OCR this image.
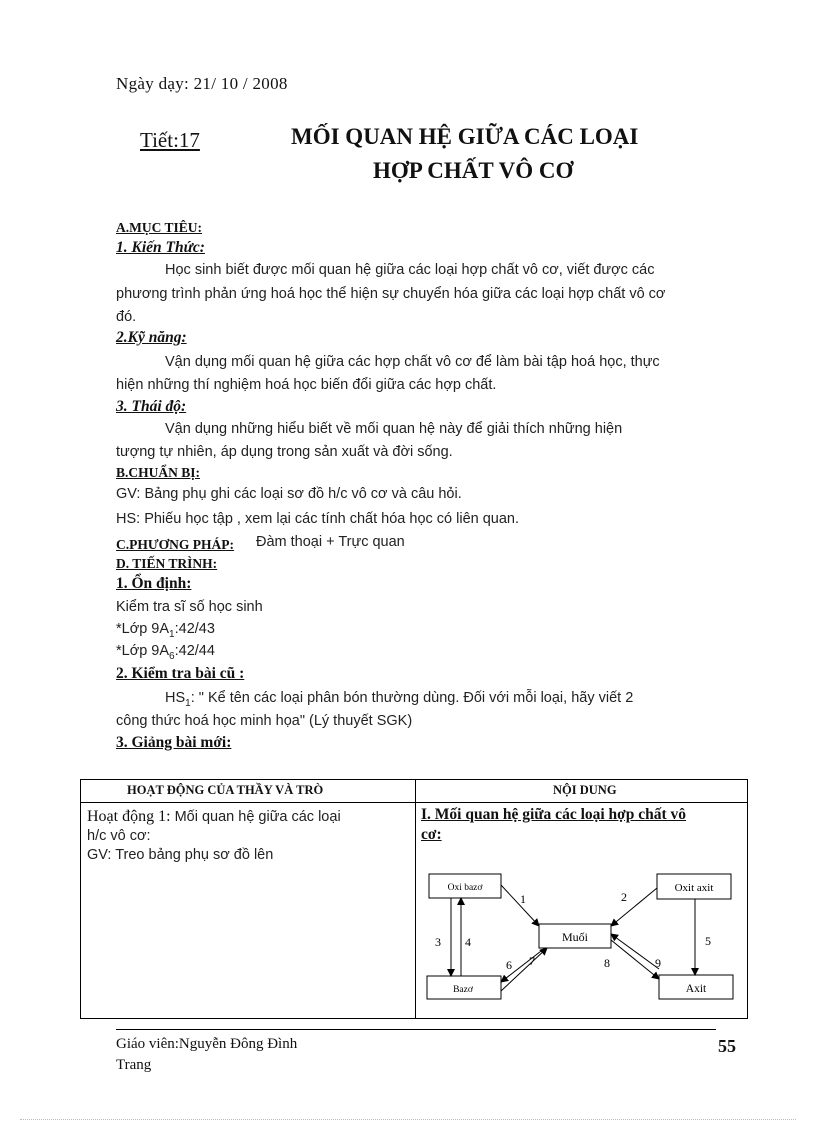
Ngày dạy: 21/ 10 / 2008
Tiết:17	MỐI QUAN HỆ GIỮA CÁC LOẠI
HỢP CHẤT VÔ CƠ
A.MỤC TIÊU:
1. Kiến Thức:
Học sinh biết được mối quan hệ giữa các loại hợp chất vô cơ, viết được các
phương trình phản ứng hoá học thể hiện sự chuyển hóa giữa các loại hợp chất vô cơ
đó.
2.Kỹ năng:
Vận dụng mối quan hệ giữa các hợp chất vô cơ để làm bài tập hoá học, thực
hiện những thí nghiệm hoá học biến đổi giữa các hợp chất.
3. Thái độ:
Vận dụng những hiểu biết về mối quan hệ này để giải thích những hiện
tượng tự nhiên, áp dụng trong sản xuất và đời sống.
B.CHUẨN BỊ:
GV: Bảng phụ ghi các loại sơ đồ h/c vô cơ và câu hỏi.
HS: Phiếu học tập , xem lại các tính chất hóa học có liên quan.
C.PHƯƠNG PHÁP: Đàm thoại + Trực quan
D. TIẾN TRÌNH:
1. Ổn định:
Kiểm tra sĩ số học sinh
*Lớp $9A_1:42/43$
*Lớp $9A_6:42/44$
2. Kiểm tra bài cũ :
$HS_1$: " Kể tên các loại phân bón thường dùng. Đối với mỗi loại, hãy viết 2
công thức hoá học minh họa" (Lý thuyết SGK)
3. Giảng bài mới:
HOẠT ĐỘNG CỦA THẦY VÀ TRÒ	NỘI DUNG
Hoạt động 1: Mối quan hệ giữa các loại
h/c vô cơ:
GV: Treo bảng phụ sơ đồ lên
I. Mối quan hệ giữa các loại hợp chất vô
cơ:
Oxi bazơ	Oxit axit
Muối
Bazơ	Axit
1	2
3 4	5
6 7	8	9
Giáo viên:Nguyễn Đông Đình
Trang
55
